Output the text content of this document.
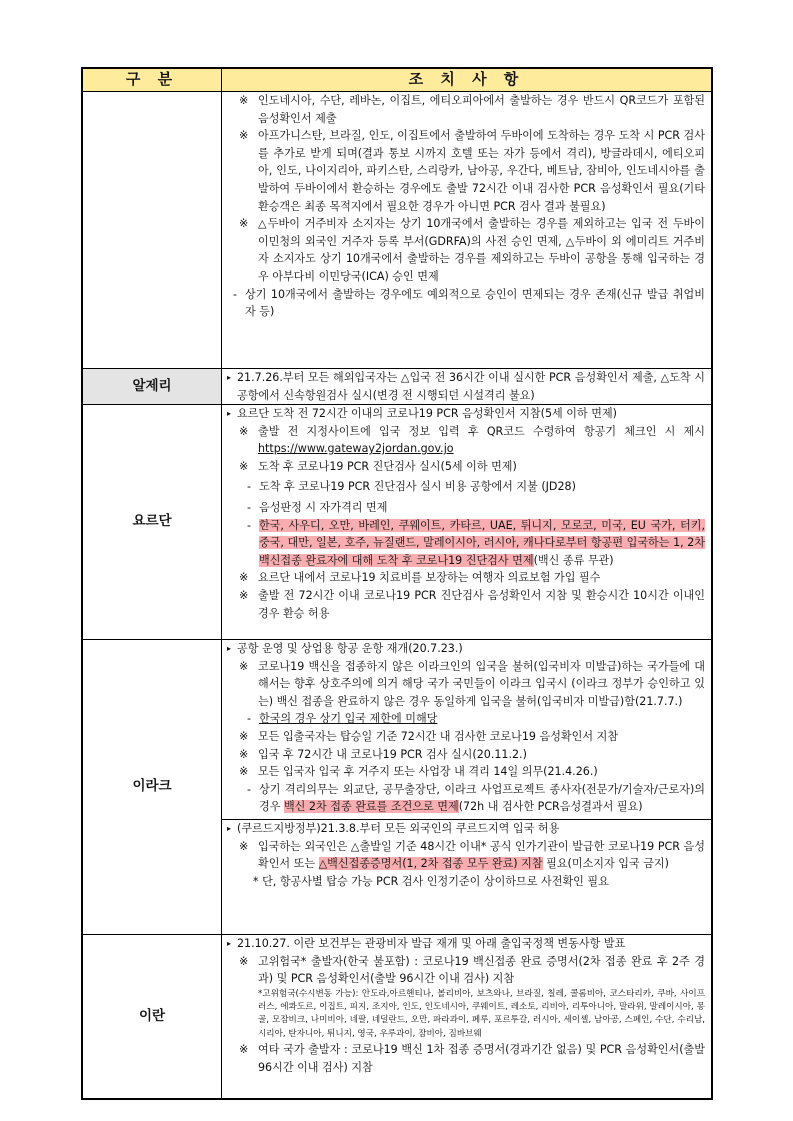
구 분	조 치 사 항
※ 인도네시아, 수단, 레바논, 이집트, 에티오피아에서 출발하는 경우 반드시 QR코드가 포함된 음성확인서 제출
※ 아프가니스탄, 브라질, 인도, 이집트에서 출발하여 두바이에 도착하는 경우 도착 시 PCR 검사를 추가로 받게 되며(결과 통보 시까지 호텔 또는 자가 등에서 격리), 방글라데시, 에티오피아, 인도, 나이지리아, 파키스탄, 스리랑카, 남아공, 우간다, 베트남, 잠비아, 인도네시아를 출발하여 두바이에서 환승하는 경우에도 출발 72시간 이내 검사한 PCR 음성확인서 필요(기타 환승객은 최종 목적지에서 필요한 경우가 아니면 PCR 검사 결과 불필요)
※ △두바이 거주비자 소지자는 상기 10개국에서 출발하는 경우를 제외하고는 입국 전 두바이 이민청의 외국인 거주자 등록 부서(GDRFA)의 사전 승인 면제, △두바이 외 에미리트 거주비자 소지자도 상기 10개국에서 출발하는 경우를 제외하고는 두바이 공항을 통해 입국하는 경우 아부다비 이민당국(ICA) 승인 면제
- 상기 10개국에서 출발하는 경우에도 예외적으로 승인이 면제되는 경우 존재(신규 발급 취업비자 등)
알제리
▸ 21.7.26.부터 모든 해외입국자는 △입국 전 36시간 이내 실시한 PCR 음성확인서 제출, △도착 시 공항에서 신속항원검사 실시(변경 전 시행되던 시설격리 불요)
요르단
▸ 요르단 도착 전 72시간 이내의 코로나19 PCR 음성확인서 지참(5세 이하 면제)
※ 출발 전 지정사이트에 입국 정보 입력 후 QR코드 수령하여 항공기 체크인 시 제시 https://www.gateway2jordan.gov.jo
※ 도착 후 코로나19 PCR 진단검사 실시(5세 이하 면제)
- 도착 후 코로나19 PCR 진단검사 실시 비용 공항에서 지불 (JD28)
- 음성판정 시 자가격리 면제
- 한국, 사우디, 오만, 바레인, 쿠웨이트, 카타르, UAE, 튀니지, 모로코, 미국, EU 국가, 터키, 중국, 대만, 일본, 호주, 뉴질랜드, 말레이시아, 러시아, 캐나다로부터 항공편 입국하는 1, 2차 백신접종 완료자에 대해 도착 후 코로나19 진단검사 면제(백신 종류 무관)
※ 요르단 내에서 코로나19 치료비를 보장하는 여행자 의료보험 가입 필수
※ 출발 전 72시간 이내 코로나19 PCR 진단검사 음성확인서 지참 및 환승시간 10시간 이내인 경우 환승 허용
이라크
▸ 공항 운영 및 상업용 항공 운항 재개(20.7.23.)
※ 코로나19 백신을 접종하지 않은 이라크인의 입국을 불허(입국비자 미발급)하는 국가들에 대해서는 향후 상호주의에 의거 해당 국가 국민들이 이라크 입국시 (이라크 정부가 승인하고 있는) 백신 접종을 완료하지 않은 경우 동일하게 입국을 불허(입국비자 미발급)함(21.7.7.)
- 한국의 경우 상기 입국 제한에 미해당
※ 모든 입출국자는 탑승일 기준 72시간 내 검사한 코로나19 음성확인서 지참
※ 입국 후 72시간 내 코로나19 PCR 검사 실시(20.11.2.)
※ 모든 입국자 입국 후 거주지 또는 사업장 내 격리 14일 의무(21.4.26.)
- 상기 격리의무는 외교단, 공무출장단, 이라크 사업프로젝트 종사자(전문가/기술자/근로자)의 경우 백신 2차 접종 완료를 조건으로 면제(72h 내 검사한 PCR음성결과서 필요)
▸ (쿠르드지방정부)21.3.8.부터 모든 외국인의 쿠르드지역 입국 허용
※ 입국하는 외국인은 △출발일 기준 48시간 이내* 공식 인가기관이 발급한 코로나19 PCR 음성확인서 또는 △백신접종증명서(1, 2차 접종 모두 완료) 지참 필요(미소지자 입국 금지)
* 단, 항공사별 탑승 가능 PCR 검사 인정기준이 상이하므로 사전확인 필요
이란
▸ 21.10.27. 이란 보건부는 관광비자 발급 재개 및 아래 출입국정책 변동사항 발표
※ 고위험국* 출발자(한국 불포함) : 코로나19 백신접종 완료 증명서(2차 접종 완료 후 2주 경과) 및 PCR 음성확인서(출발 96시간 이내 검사) 지참
*고위험국(수시변동 가능): 안도라,아르헨티나, 볼리비아, 보츠와나, 브라질, 칠레, 콜롬비아, 코스타리카, 쿠바, 사이프러스, 에콰도르, 이집트, 피지, 조지아, 인도, 인도네시아, 쿠웨이트, 레소토, 리비아, 리투아니아, 말라위, 말레이시아, 몽골, 모잠비크, 나미비아, 네팔, 네덜란드, 오만, 파라과이, 페루, 포르투갈, 러시아, 세이셸, 남아공, 스페인, 수단, 수리남, 시리아, 탄자니아, 튀니지, 영국, 우루과이, 잠비아, 짐바브웨
※ 여타 국가 출발자 : 코로나19 백신 1차 접종 증명서(경과기간 없음) 및 PCR 음성확인서(출발 96시간 이내 검사) 지참
